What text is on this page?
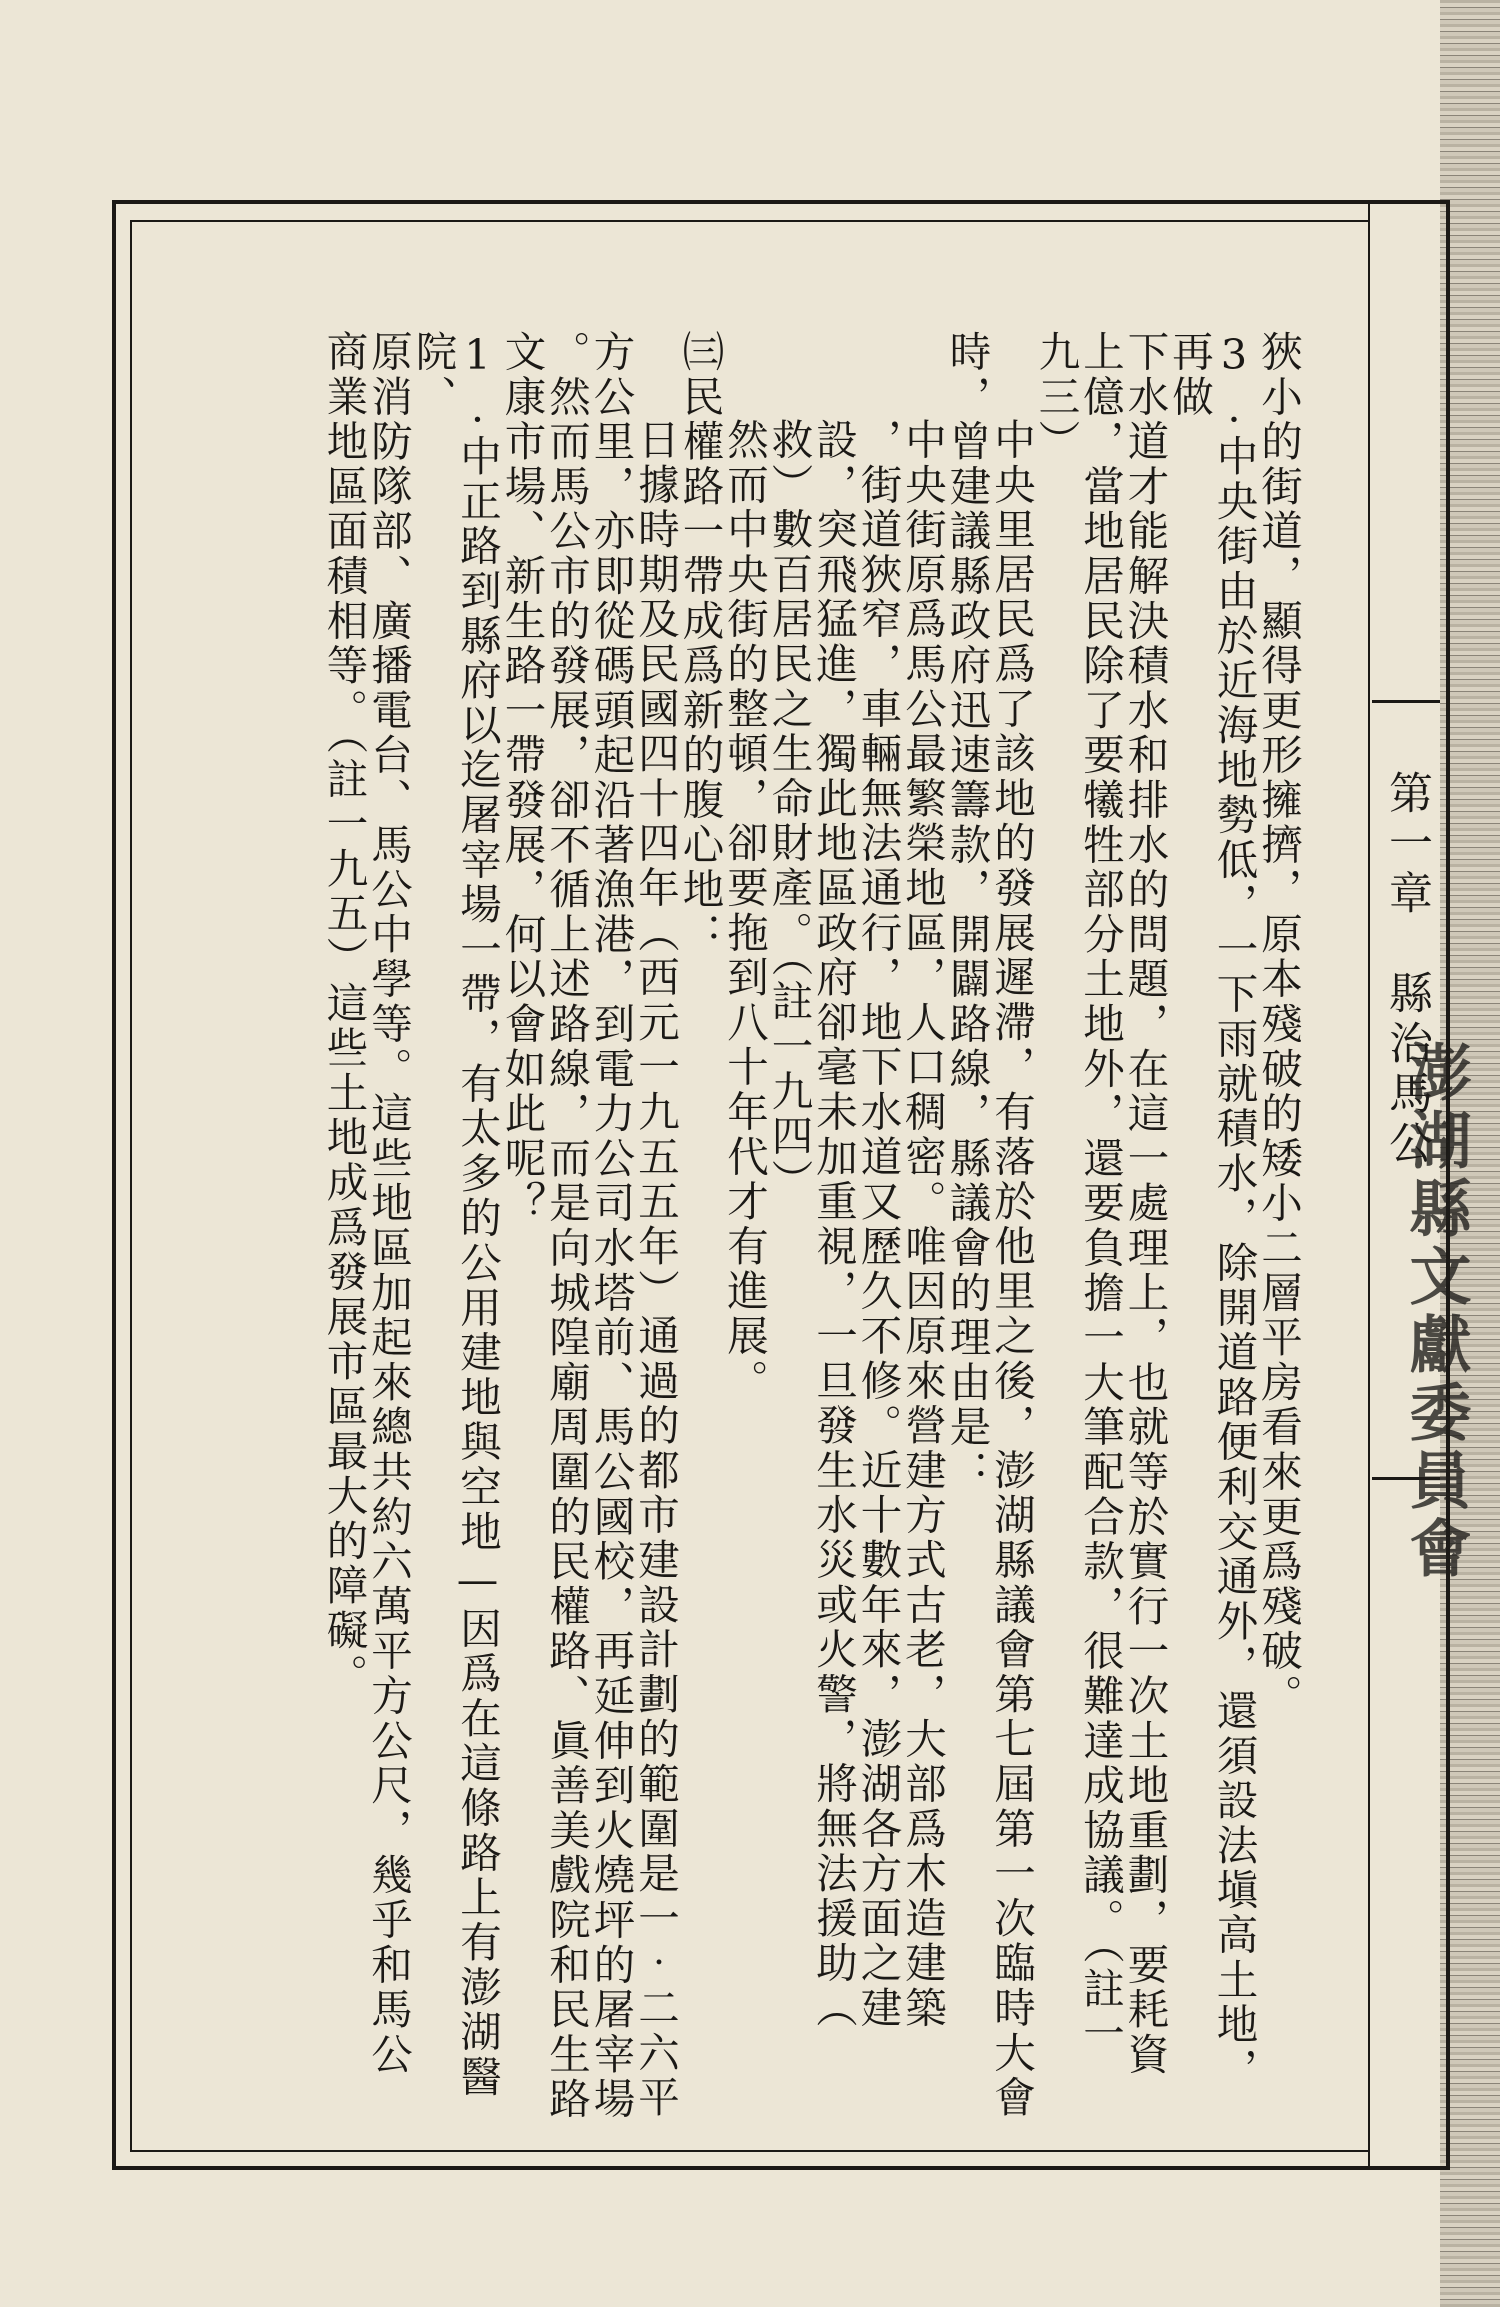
第一章　縣治馬公
澎湖縣文獻委員會
狹小的街道，顯得更形擁擠，原本殘破的矮小二層平房看來更爲殘破。
3.中央街由於近海地勢低，一下雨就積水，除開道路便利交通外，還須設法塡高土地，再做
下水道才能解決積水和排水的問題，在這一處理上，也就等於實行一次土地重劃，要耗資
上億，當地居民除了要犧牲部分土地外，還要負擔一大筆配合款，很難達成協議。（註一
九三）
中央里居民爲了該地的發展遲滯，有落於他里之後，澎湖縣議會第七屆第一次臨時大會
時，曾建議縣政府迅速籌款，開闢路線，縣議會的理由是：
中央街原爲馬公最繁榮地區，人口稠密。唯因原來營建方式古老，大部爲木造建築
，街道狹窄，車輛無法通行，地下水道又歷久不修。近十數年來，澎湖各方面之建
設，突飛猛進，獨此地區政府卻毫未加重視，一旦發生水災或火警，將無法援助（
救）數百居民之生命財產。（註一九四）
然而中央街的整頓，卻要拖到八十年代才有進展。
㈢民權路一帶成爲新的腹心地：
日據時期及民國四十四年（西元一九五五年）通過的都市建設計劃的範圍是一‧二六平
方公里，亦即從碼頭起沿著漁港，到電力公司水塔前、馬公國校，再延伸到火燒坪的屠宰場
。然而馬公市的發展，卻不循上述路線，而是向城隍廟周圍的民權路、眞善美戲院和民生路
文康市場、新生路一帶發展，何以會如此呢？
1.中正路到縣府以迄屠宰場一帶，有太多的公用建地與空地—因爲在這條路上有澎湖醫院、
原消防隊部、廣播電台、馬公中學等。這些地區加起來總共約六萬平方公尺，幾乎和馬公
商業地區面積相等。（註一九五）這些土地成爲發展市區最大的障礙。
